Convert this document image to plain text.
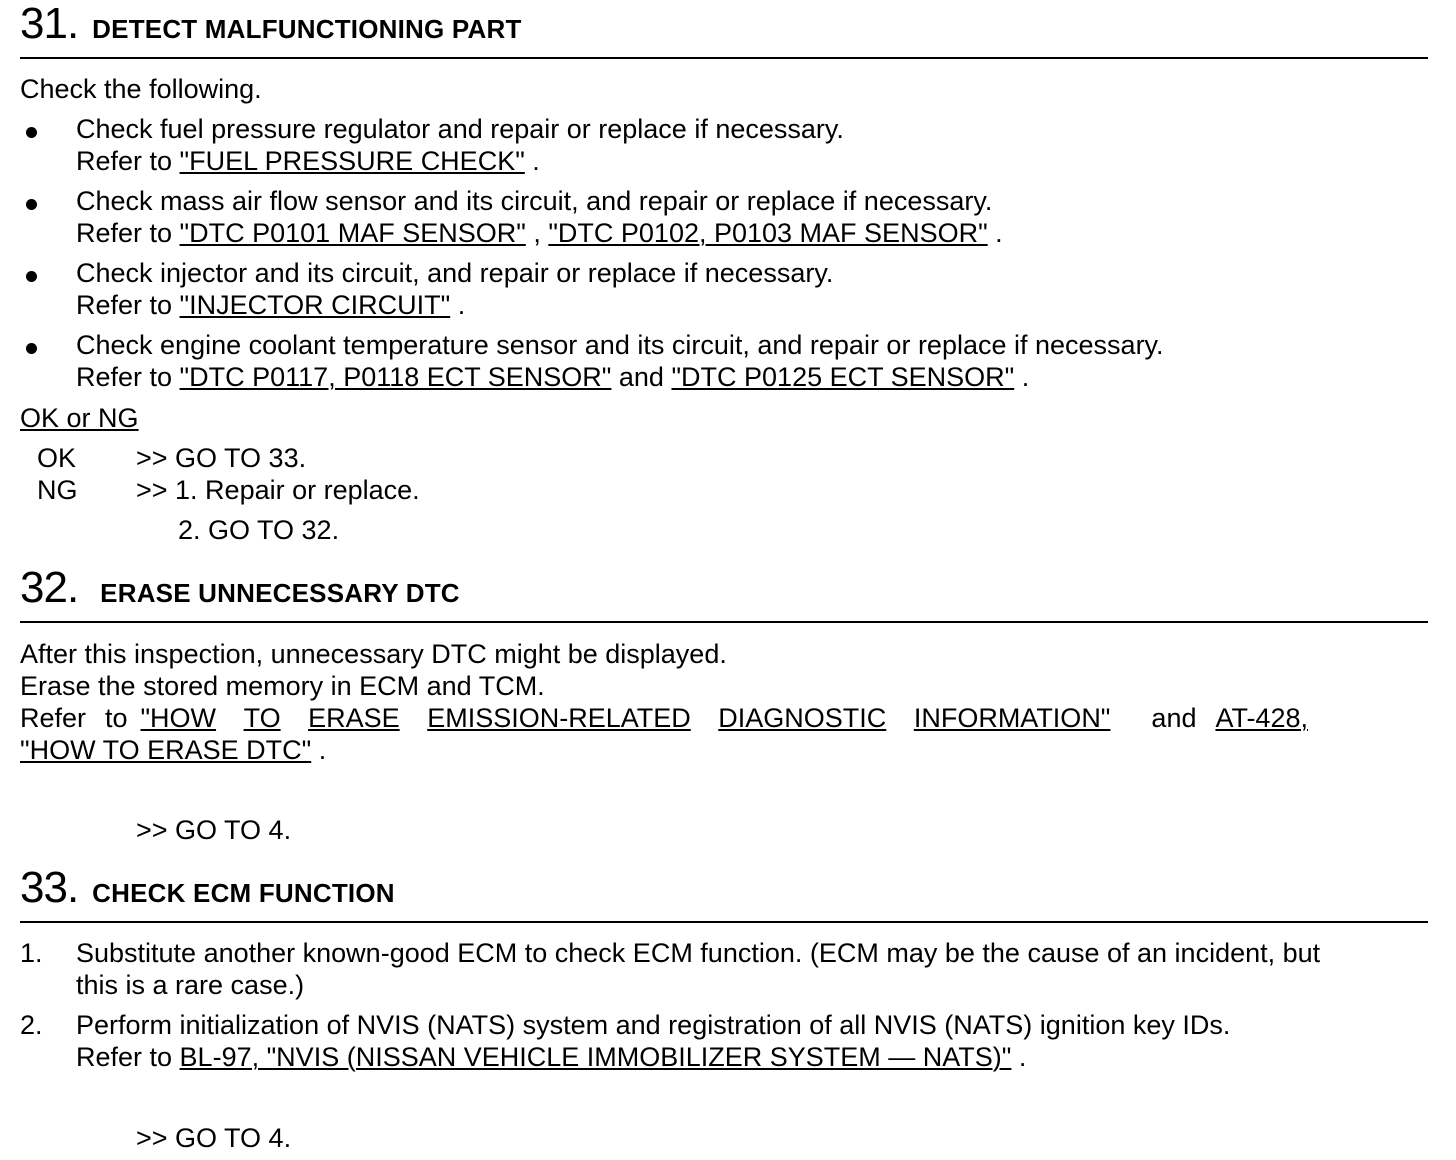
31. DETECT MALFUNCTIONING PART
Check the following.
Check fuel pressure regulator and repair or replace if necessary.
Refer to "FUEL PRESSURE CHECK" .
Check mass air flow sensor and its circuit, and repair or replace if necessary.
Refer to "DTC P0101 MAF SENSOR" , "DTC P0102, P0103 MAF SENSOR" .
Check injector and its circuit, and repair or replace if necessary.
Refer to "INJECTOR CIRCUIT" .
Check engine coolant temperature sensor and its circuit, and repair or replace if necessary.
Refer to "DTC P0117, P0118 ECT SENSOR" and "DTC P0125 ECT SENSOR" .
OK or NG
OK >> GO TO 33.
NG >> 1. Repair or replace.
2. GO TO 32.
32. ERASE UNNECESSARY DTC
After this inspection, unnecessary DTC might be displayed.
Erase the stored memory in ECM and TCM.
Refer to "HOW TO ERASE EMISSION-RELATED DIAGNOSTIC INFORMATION" and AT-428,
"HOW TO ERASE DTC" .
>> GO TO 4.
33. CHECK ECM FUNCTION
1. Substitute another known-good ECM to check ECM function. (ECM may be the cause of an incident, but
this is a rare case.)
2. Perform initialization of NVIS (NATS) system and registration of all NVIS (NATS) ignition key IDs.
Refer to BL-97, "NVIS (NISSAN VEHICLE IMMOBILIZER SYSTEM — NATS)" .
>> GO TO 4.
